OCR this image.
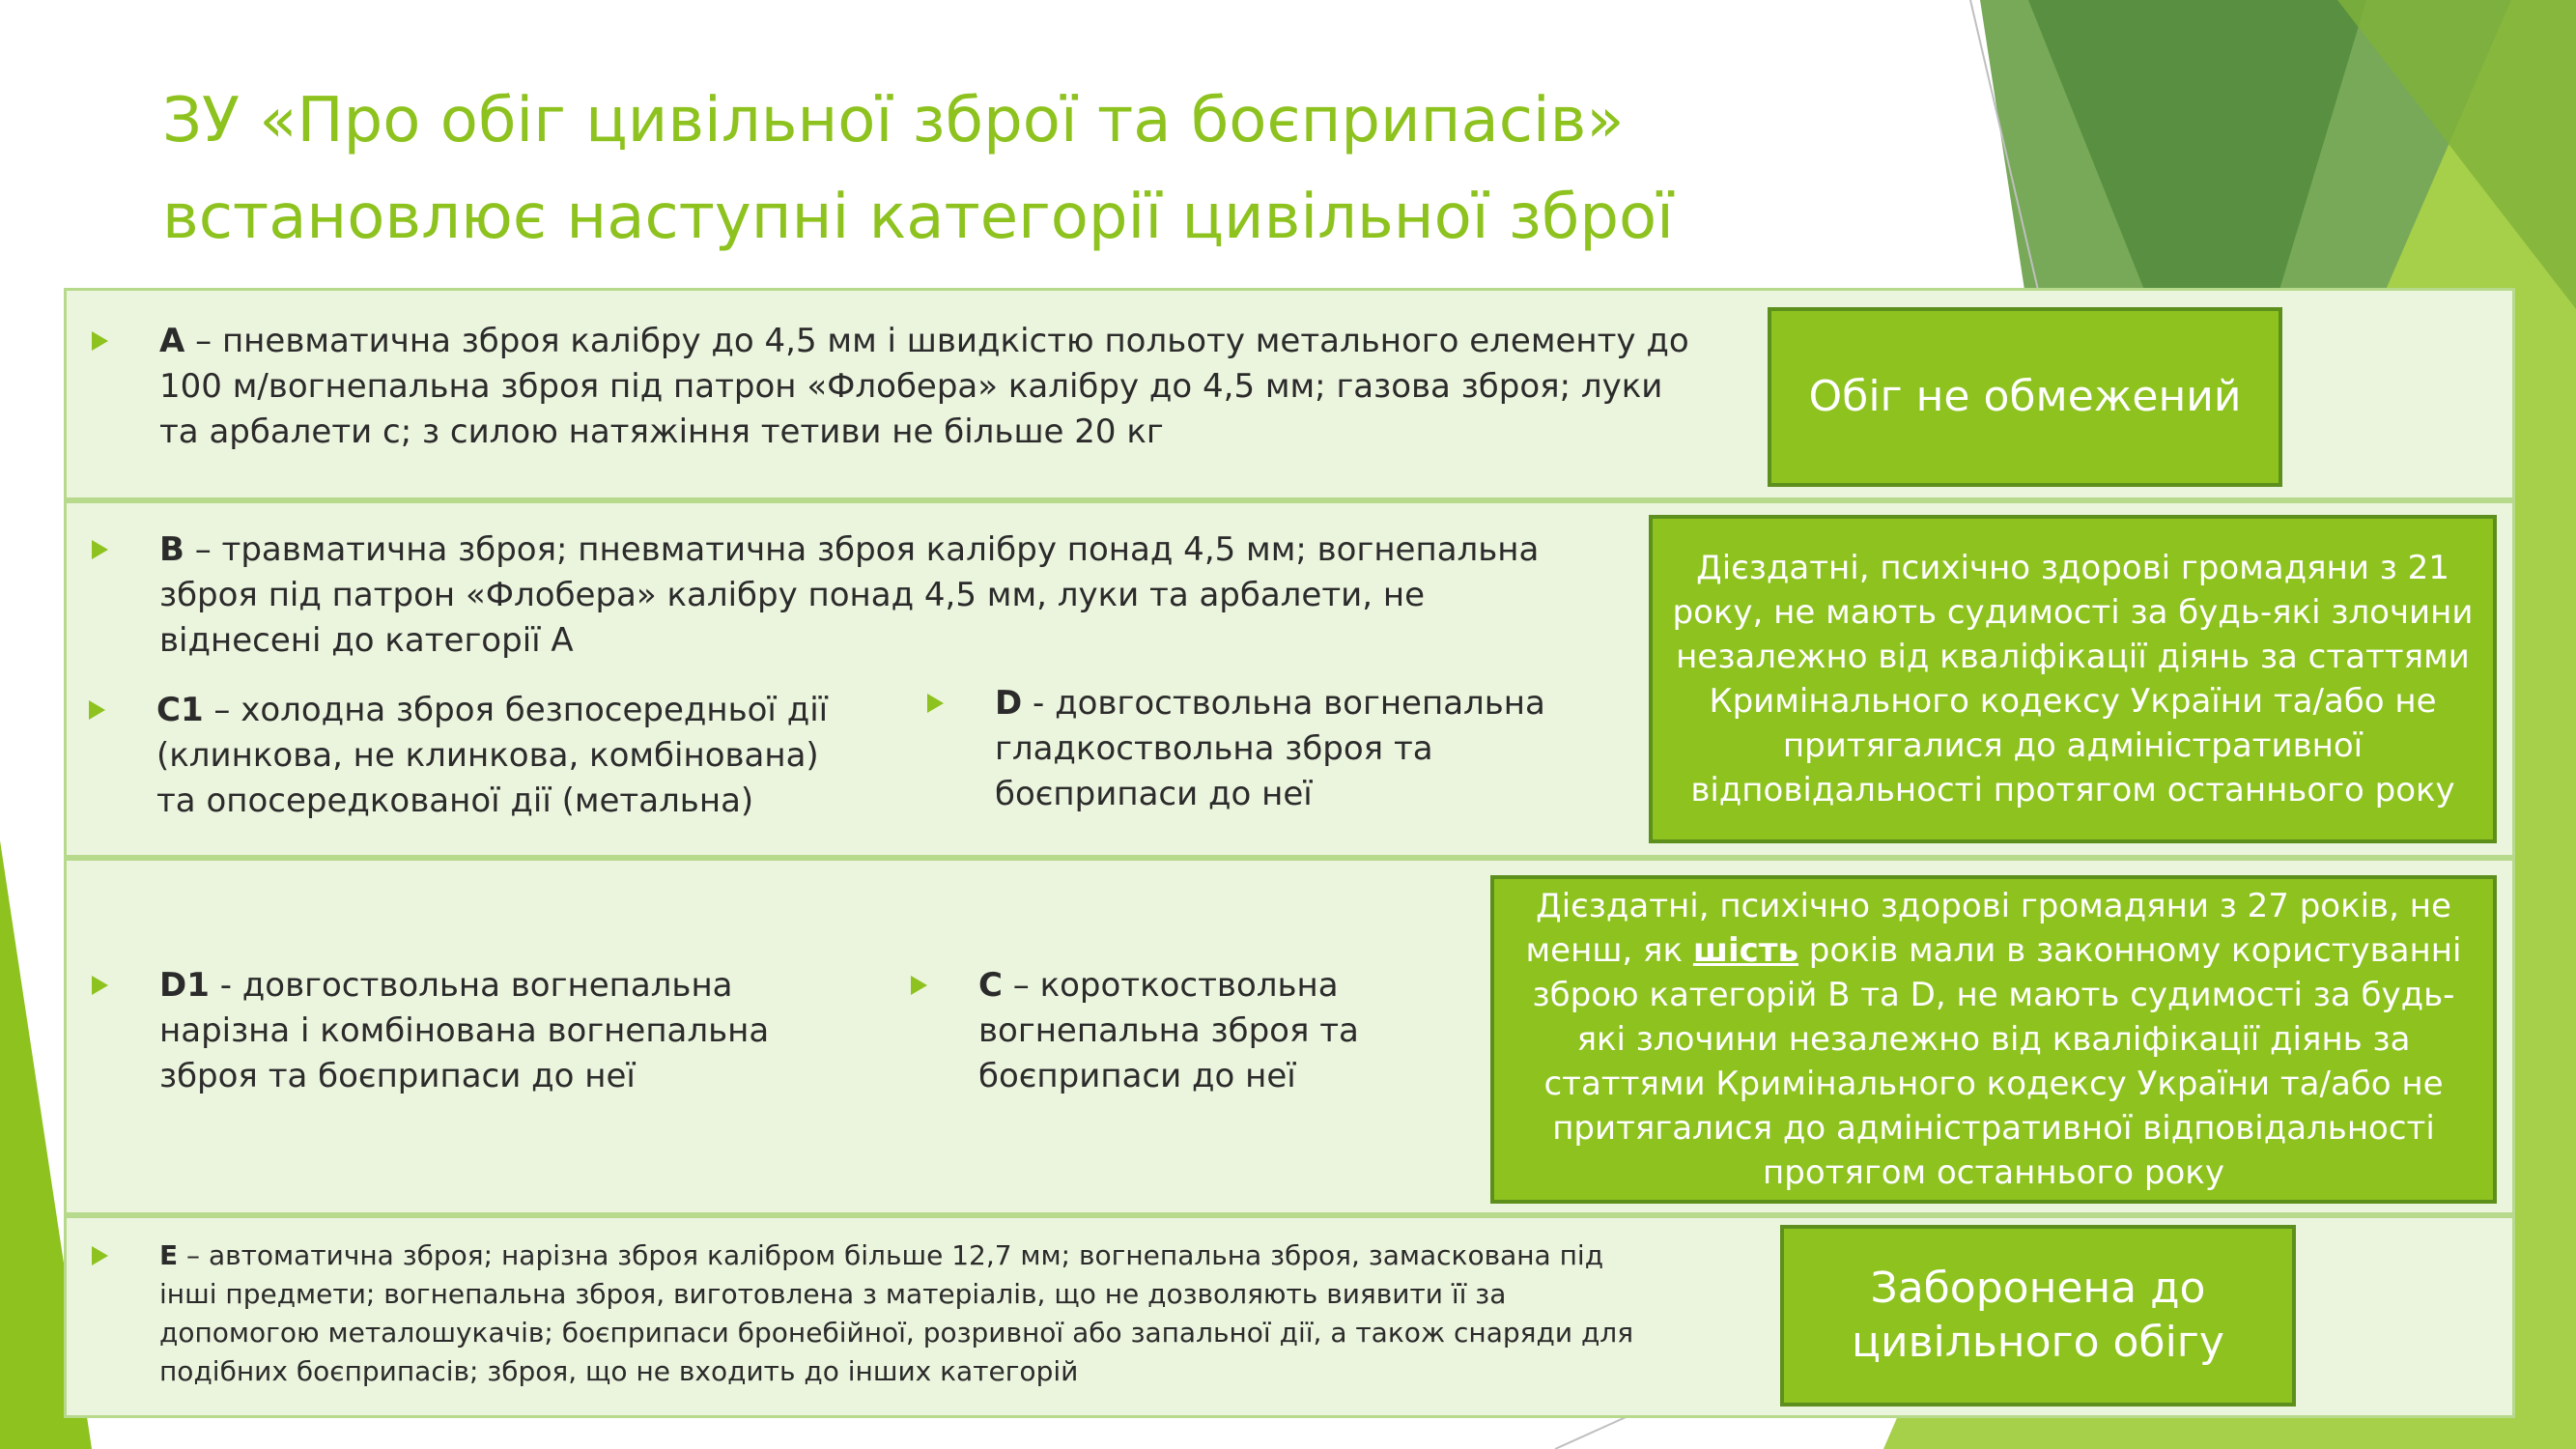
ЗУ «Про обіг цивільної зброї та боєприпасів»
встановлює наступні категорії цивільної зброї
А – пневматична зброя калібру до 4,5 мм і швидкістю польоту метального елементу до 100 м/вогнепальна зброя під патрон «Флобера» калібру до 4,5 мм; газова зброя; луки та арбалети с; з силою натяжіння тетиви не більше 20 кг
Обіг не обмежений
В – травматична зброя; пневматична зброя калібру понад 4,5 мм; вогнепальна зброя під патрон «Флобера» калібру понад 4,5 мм, луки та арбалети, не віднесені до категорії А
С1 – холодна зброя безпосередньої дії (клинкова, не клинкова, комбінована) та опосередкованої дії (метальна)
D - довгоствольна вогнепальна гладкоствольна зброя та боєприпаси до неї
Дієздатні, психічно здорові громадяни з 21 року, не мають судимості за будь-які злочини незалежно від кваліфікації діянь за статтями Кримінального кодексу України та/або не притягалися до адміністративної відповідальності протягом останнього року
D1 - довгоствольна вогнепальна нарізна і комбінована вогнепальна зброя та боєприпаси до неї
С – короткоствольна вогнепальна зброя та боєприпаси до неї
Дієздатні, психічно здорові громадяни з 27 років, не менш, як шість років мали в законному користуванні зброю категорій В та D, не мають судимості за будь-які злочини незалежно від кваліфікації діянь за статтями Кримінального кодексу України та/або не притягалися до адміністративної відповідальності протягом останнього року
Е – автоматична зброя; нарізна зброя калібром більше 12,7 мм; вогнепальна зброя, замаскована під інші предмети; вогнепальна зброя, виготовлена з матеріалів, що не дозволяють виявити її за допомогою металошукачів; боєприпаси бронебійної, розривної або запальної дії, а також снаряди для подібних боєприпасів; зброя, що не входить до інших категорій
Заборонена до цивільного обігу
